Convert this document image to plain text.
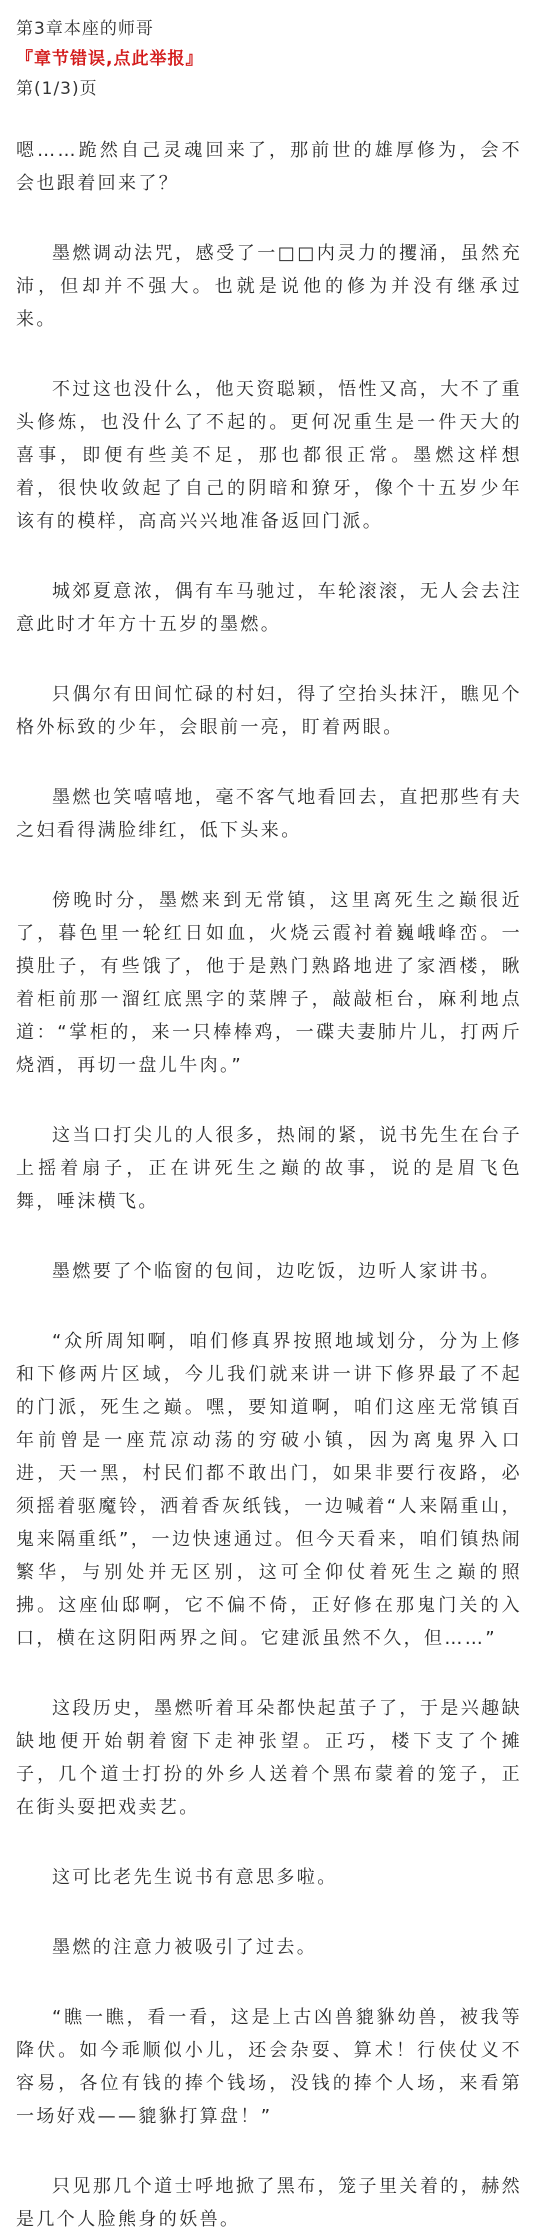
第3章本座的师哥
『章节错误,点此举报』
第(1/3)页

嗯……跪然自己灵魂回来了，那前世的雄厚修为，会不会也跟着回来了？

墨燃调动法咒，感受了一□□内灵力的攫涌，虽然充沛，但却并不强大。也就是说他的修为并没有继承过来。

不过这也没什么，他天资聪颖，悟性又高，大不了重头修炼，也没什么了不起的。更何况重生是一件天大的喜事，即便有些美不足，那也都很正常。墨燃这样想着，很快收敛起了自己的阴暗和獠牙，像个十五岁少年该有的模样，高高兴兴地准备返回门派。

城郊夏意浓，偶有车马驰过，车轮滚滚，无人会去注意此时才年方十五岁的墨燃。

只偶尔有田间忙碌的村妇，得了空抬头抹汗，瞧见个格外标致的少年，会眼前一亮，盯着两眼。

墨燃也笑嘻嘻地，毫不客气地看回去，直把那些有夫之妇看得满脸绯红，低下头来。

傍晚时分，墨燃来到无常镇，这里离死生之巅很近了，暮色里一轮红日如血，火烧云霞衬着巍峨峰峦。一摸肚子，有些饿了，他于是熟门熟路地进了家酒楼，瞅着柜前那一溜红底黑字的菜牌子，敲敲柜台，麻利地点道：“掌柜的，来一只棒棒鸡，一碟夫妻肺片儿，打两斤烧酒，再切一盘儿牛肉。”

这当口打尖儿的人很多，热闹的紧，说书先生在台子上摇着扇子，正在讲死生之巅的故事，说的是眉飞色舞，唾沫横飞。

墨燃要了个临窗的包间，边吃饭，边听人家讲书。

“众所周知啊，咱们修真界按照地域划分，分为上修和下修两片区域，今儿我们就来讲一讲下修界最了不起的门派，死生之巅。嘿，要知道啊，咱们这座无常镇百年前曾是一座荒凉动荡的穷破小镇，因为离鬼界入口进，天一黑，村民们都不敢出门，如果非要行夜路，必须摇着驱魔铃，洒着香灰纸钱，一边喊着“人来隔重山，鬼来隔重纸”，一边快速通过。但今天看来，咱们镇热闹繁华，与别处并无区别，这可全仰仗着死生之巅的照拂。这座仙邸啊，它不偏不倚，正好修在那鬼门关的入口，横在这阴阳两界之间。它建派虽然不久，但……”

这段历史，墨燃听着耳朵都快起茧子了，于是兴趣缺缺地便开始朝着窗下走神张望。正巧，楼下支了个摊子，几个道士打扮的外乡人送着个黑布蒙着的笼子，正在街头耍把戏卖艺。

这可比老先生说书有意思多啦。

墨燃的注意力被吸引了过去。

“瞧一瞧，看一看，这是上古凶兽貔貅幼兽，被我等降伏。如今乖顺似小儿，还会杂耍、算术！行侠仗义不容易，各位有钱的捧个钱场，没钱的捧个人场，来看第一场好戏——貔貅打算盘！”

只见那几个道士呼地掀了黑布，笼子里关着的，赫然是几个人脸熊身的妖兽。
